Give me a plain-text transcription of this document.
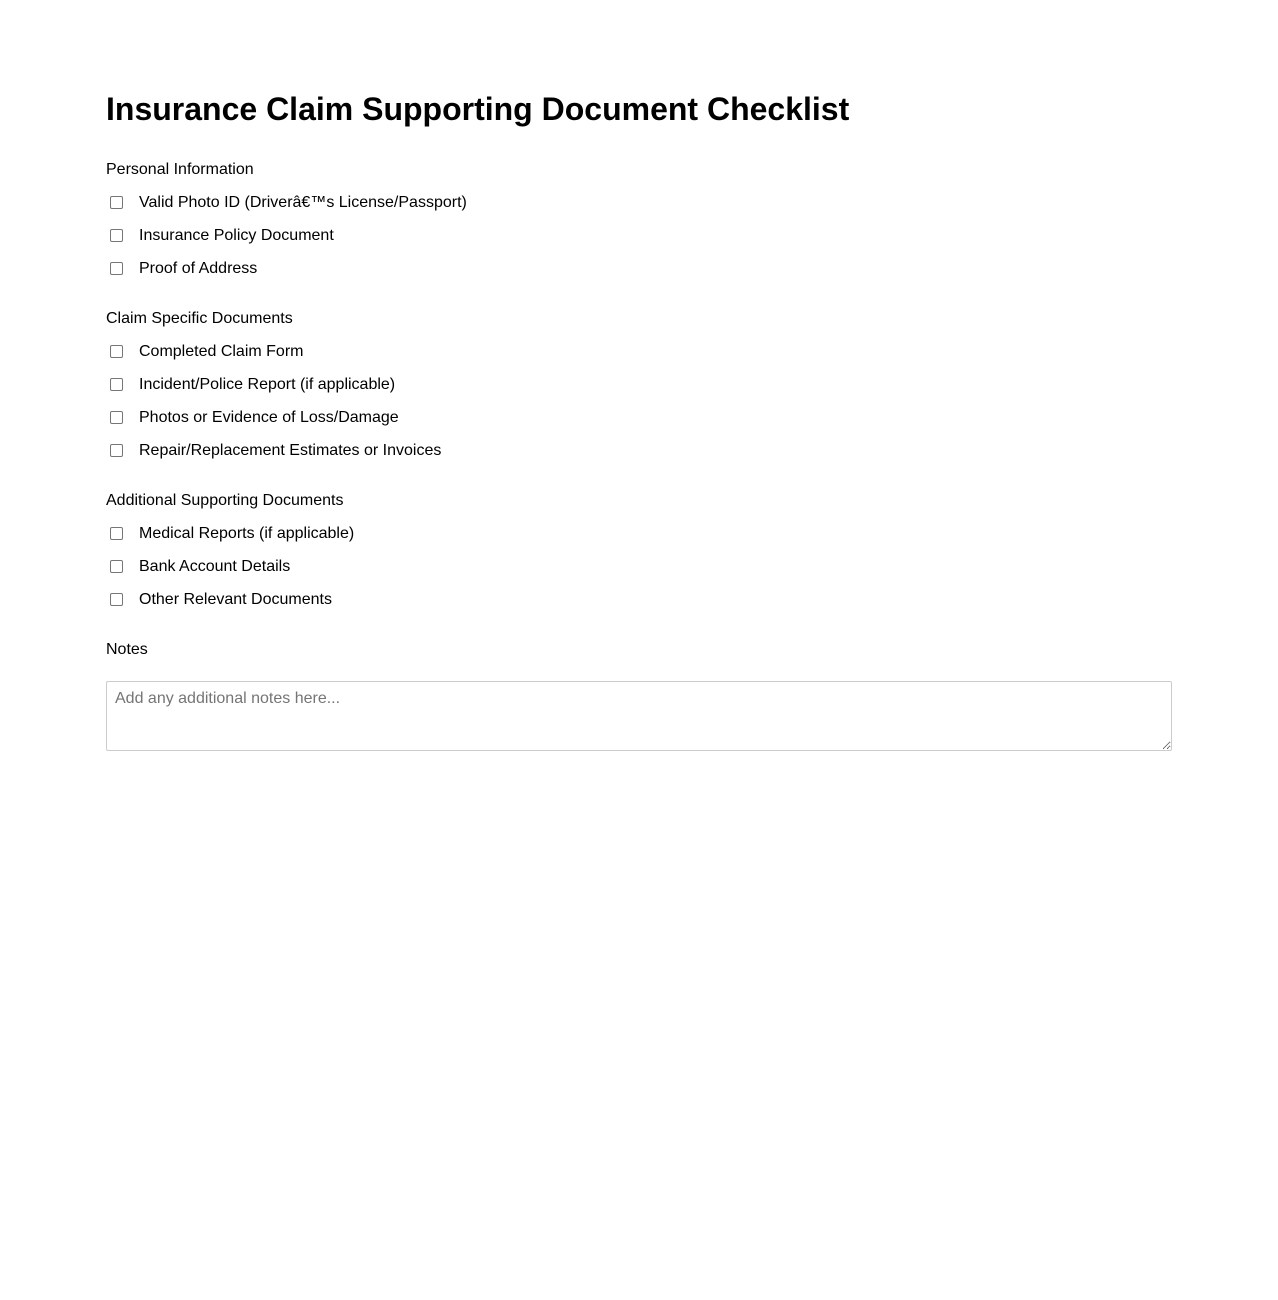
Insurance Claim Supporting Document Checklist
Personal Information
Valid Photo ID (Driverâ€™s License/Passport)
Insurance Policy Document
Proof of Address
Claim Specific Documents
Completed Claim Form
Incident/Police Report (if applicable)
Photos or Evidence of Loss/Damage
Repair/Replacement Estimates or Invoices
Additional Supporting Documents
Medical Reports (if applicable)
Bank Account Details
Other Relevant Documents
Notes
Add any additional notes here...
